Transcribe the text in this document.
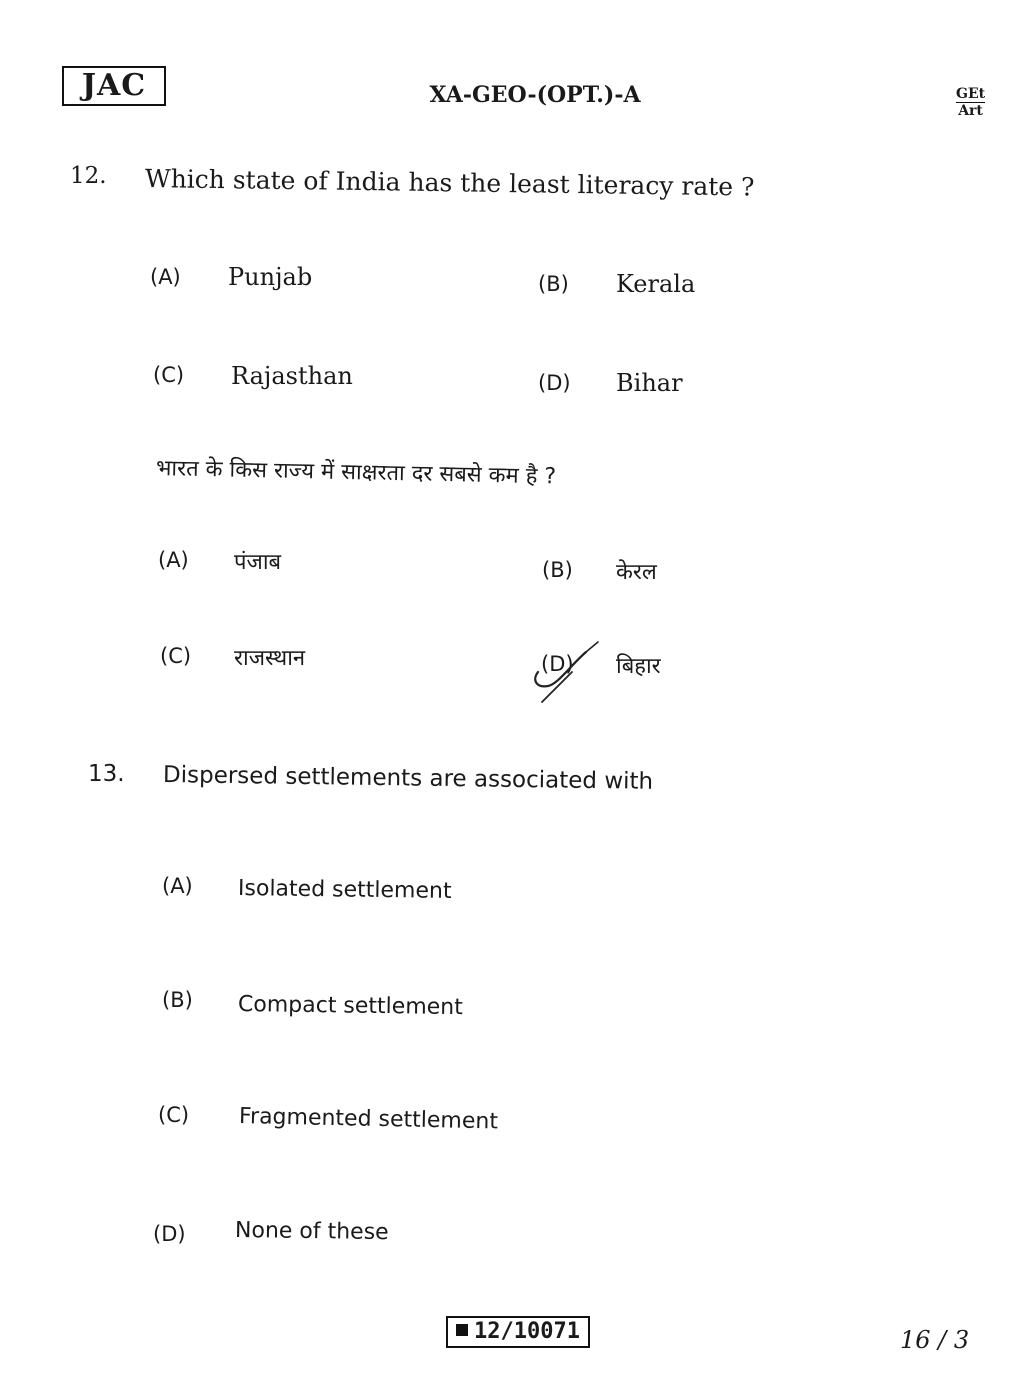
JAC	XA-GEO-(OPT.)-A	GEt
Art
12. Which state of India has the least literacy rate ?
(A) Punjab	(B) Kerala
(C) Rajasthan	(D) Bihar
भारत के किस राज्य में साक्षरता दर सबसे कम है ?
(A) पंजाब	(B) केरल
(C) राजस्थान	(D) बिहार
13. Dispersed settlements are associated with
(A) Isolated settlement
(B) Compact settlement
(C) Fragmented settlement
(D) None of these
12/10071	16 / 3
